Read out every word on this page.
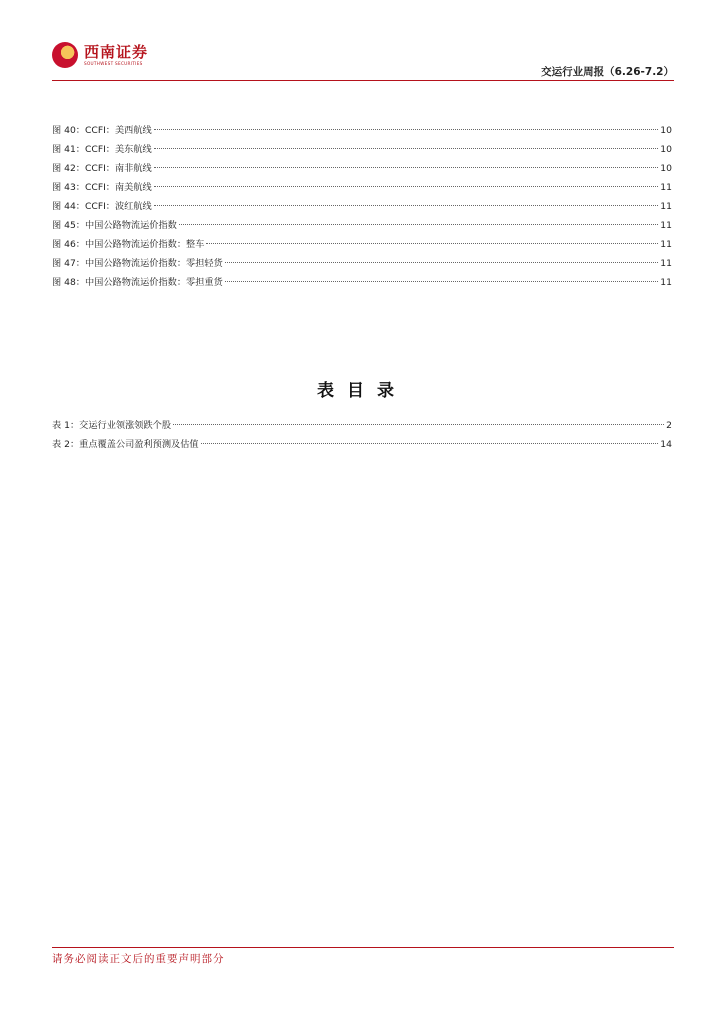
西南证券
SOUTHWEST SECURITIES
交运行业周报（6.26-7.2）
图 40：CCFI：美西航线	10
图 41：CCFI：美东航线	10
图 42：CCFI：南非航线	10
图 43：CCFI：南美航线	11
图 44：CCFI：波红航线	11
图 45：中国公路物流运价指数	11
图 46：中国公路物流运价指数：整车	11
图 47：中国公路物流运价指数：零担轻货	11
图 48：中国公路物流运价指数：零担重货	11
表目录
表 1：交运行业领涨领跌个股	2
表 2：重点覆盖公司盈利预测及估值	14
请务必阅读正文后的重要声明部分
